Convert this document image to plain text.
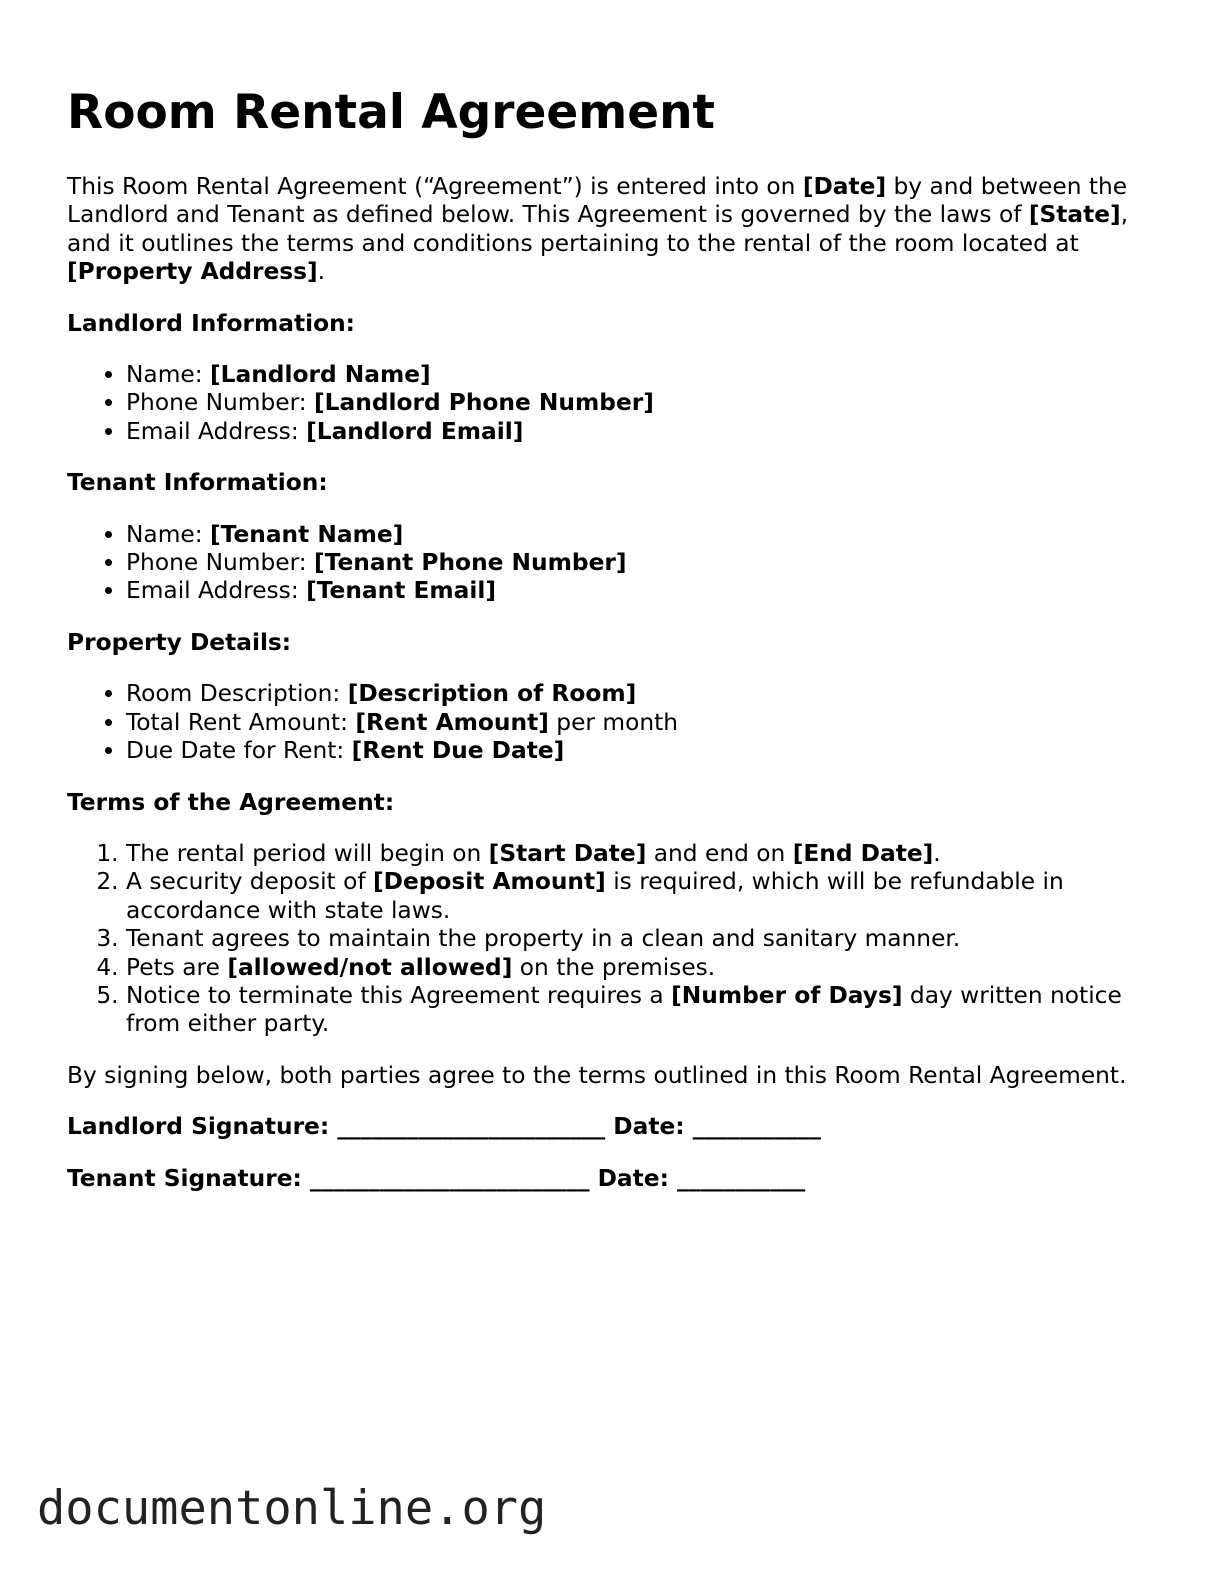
Room Rental Agreement

This Room Rental Agreement (“Agreement”) is entered into on [Date] by and between the Landlord and Tenant as defined below. This Agreement is governed by the laws of [State], and it outlines the terms and conditions pertaining to the rental of the room located at [Property Address].

Landlord Information:

• Name: [Landlord Name]
• Phone Number: [Landlord Phone Number]
• Email Address: [Landlord Email]

Tenant Information:

• Name: [Tenant Name]
• Phone Number: [Tenant Phone Number]
• Email Address: [Tenant Email]

Property Details:

• Room Description: [Description of Room]
• Total Rent Amount: [Rent Amount] per month
• Due Date for Rent: [Rent Due Date]

Terms of the Agreement:

1. The rental period will begin on [Start Date] and end on [End Date].
2. A security deposit of [Deposit Amount] is required, which will be refundable in accordance with state laws.
3. Tenant agrees to maintain the property in a clean and sanitary manner.
4. Pets are [allowed/not allowed] on the premises.
5. Notice to terminate this Agreement requires a [Number of Days] day written notice from either party.

By signing below, both parties agree to the terms outlined in this Room Rental Agreement.

Landlord Signature: _______________________ Date: ___________

Tenant Signature: ________________________ Date: ___________

documentonline.org
